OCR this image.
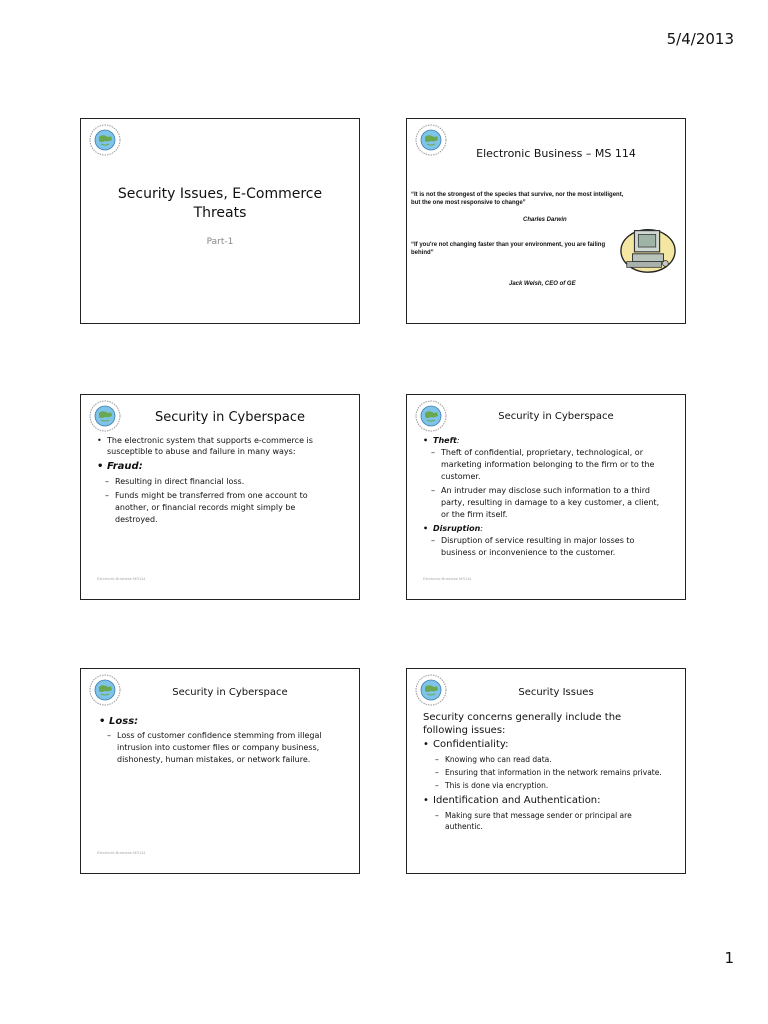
5/4/2013
Security Issues, E-Commerce Threats
Part-1
Electronic Business – MS 114
“It is not the strongest of the species that survive, nor the most intelligent, but the one most responsive to change”
Charles Darwin
“If you're not changing faster than your environment, you are failing behind”
Jack Welsh, CEO of GE
Security in Cyberspace
• The electronic system that supports e-commerce is susceptible to abuse and failure in many ways:
• Fraud:
– Resulting in direct financial loss.
– Funds might be transferred from one account to another, or financial records might simply be destroyed.
Electronic Business MS114
Security in Cyberspace
• Theft:
– Theft of confidential, proprietary, technological, or marketing information belonging to the firm or to the customer.
– An intruder may disclose such information to a third party, resulting in damage to a key customer, a client, or the firm itself.
• Disruption:
– Disruption of service resulting in major losses to business or inconvenience to the customer.
Electronic Business MS114
Security in Cyberspace
• Loss:
– Loss of customer confidence stemming from illegal intrusion into customer files or company business, dishonesty, human mistakes, or network failure.
Electronic Business MS114
Security Issues
Security concerns generally include the following issues:
• Confidentiality:
– Knowing who can read data.
– Ensuring that information in the network remains private.
– This is done via encryption.
• Identification and Authentication:
– Making sure that message sender or principal are authentic.
1
